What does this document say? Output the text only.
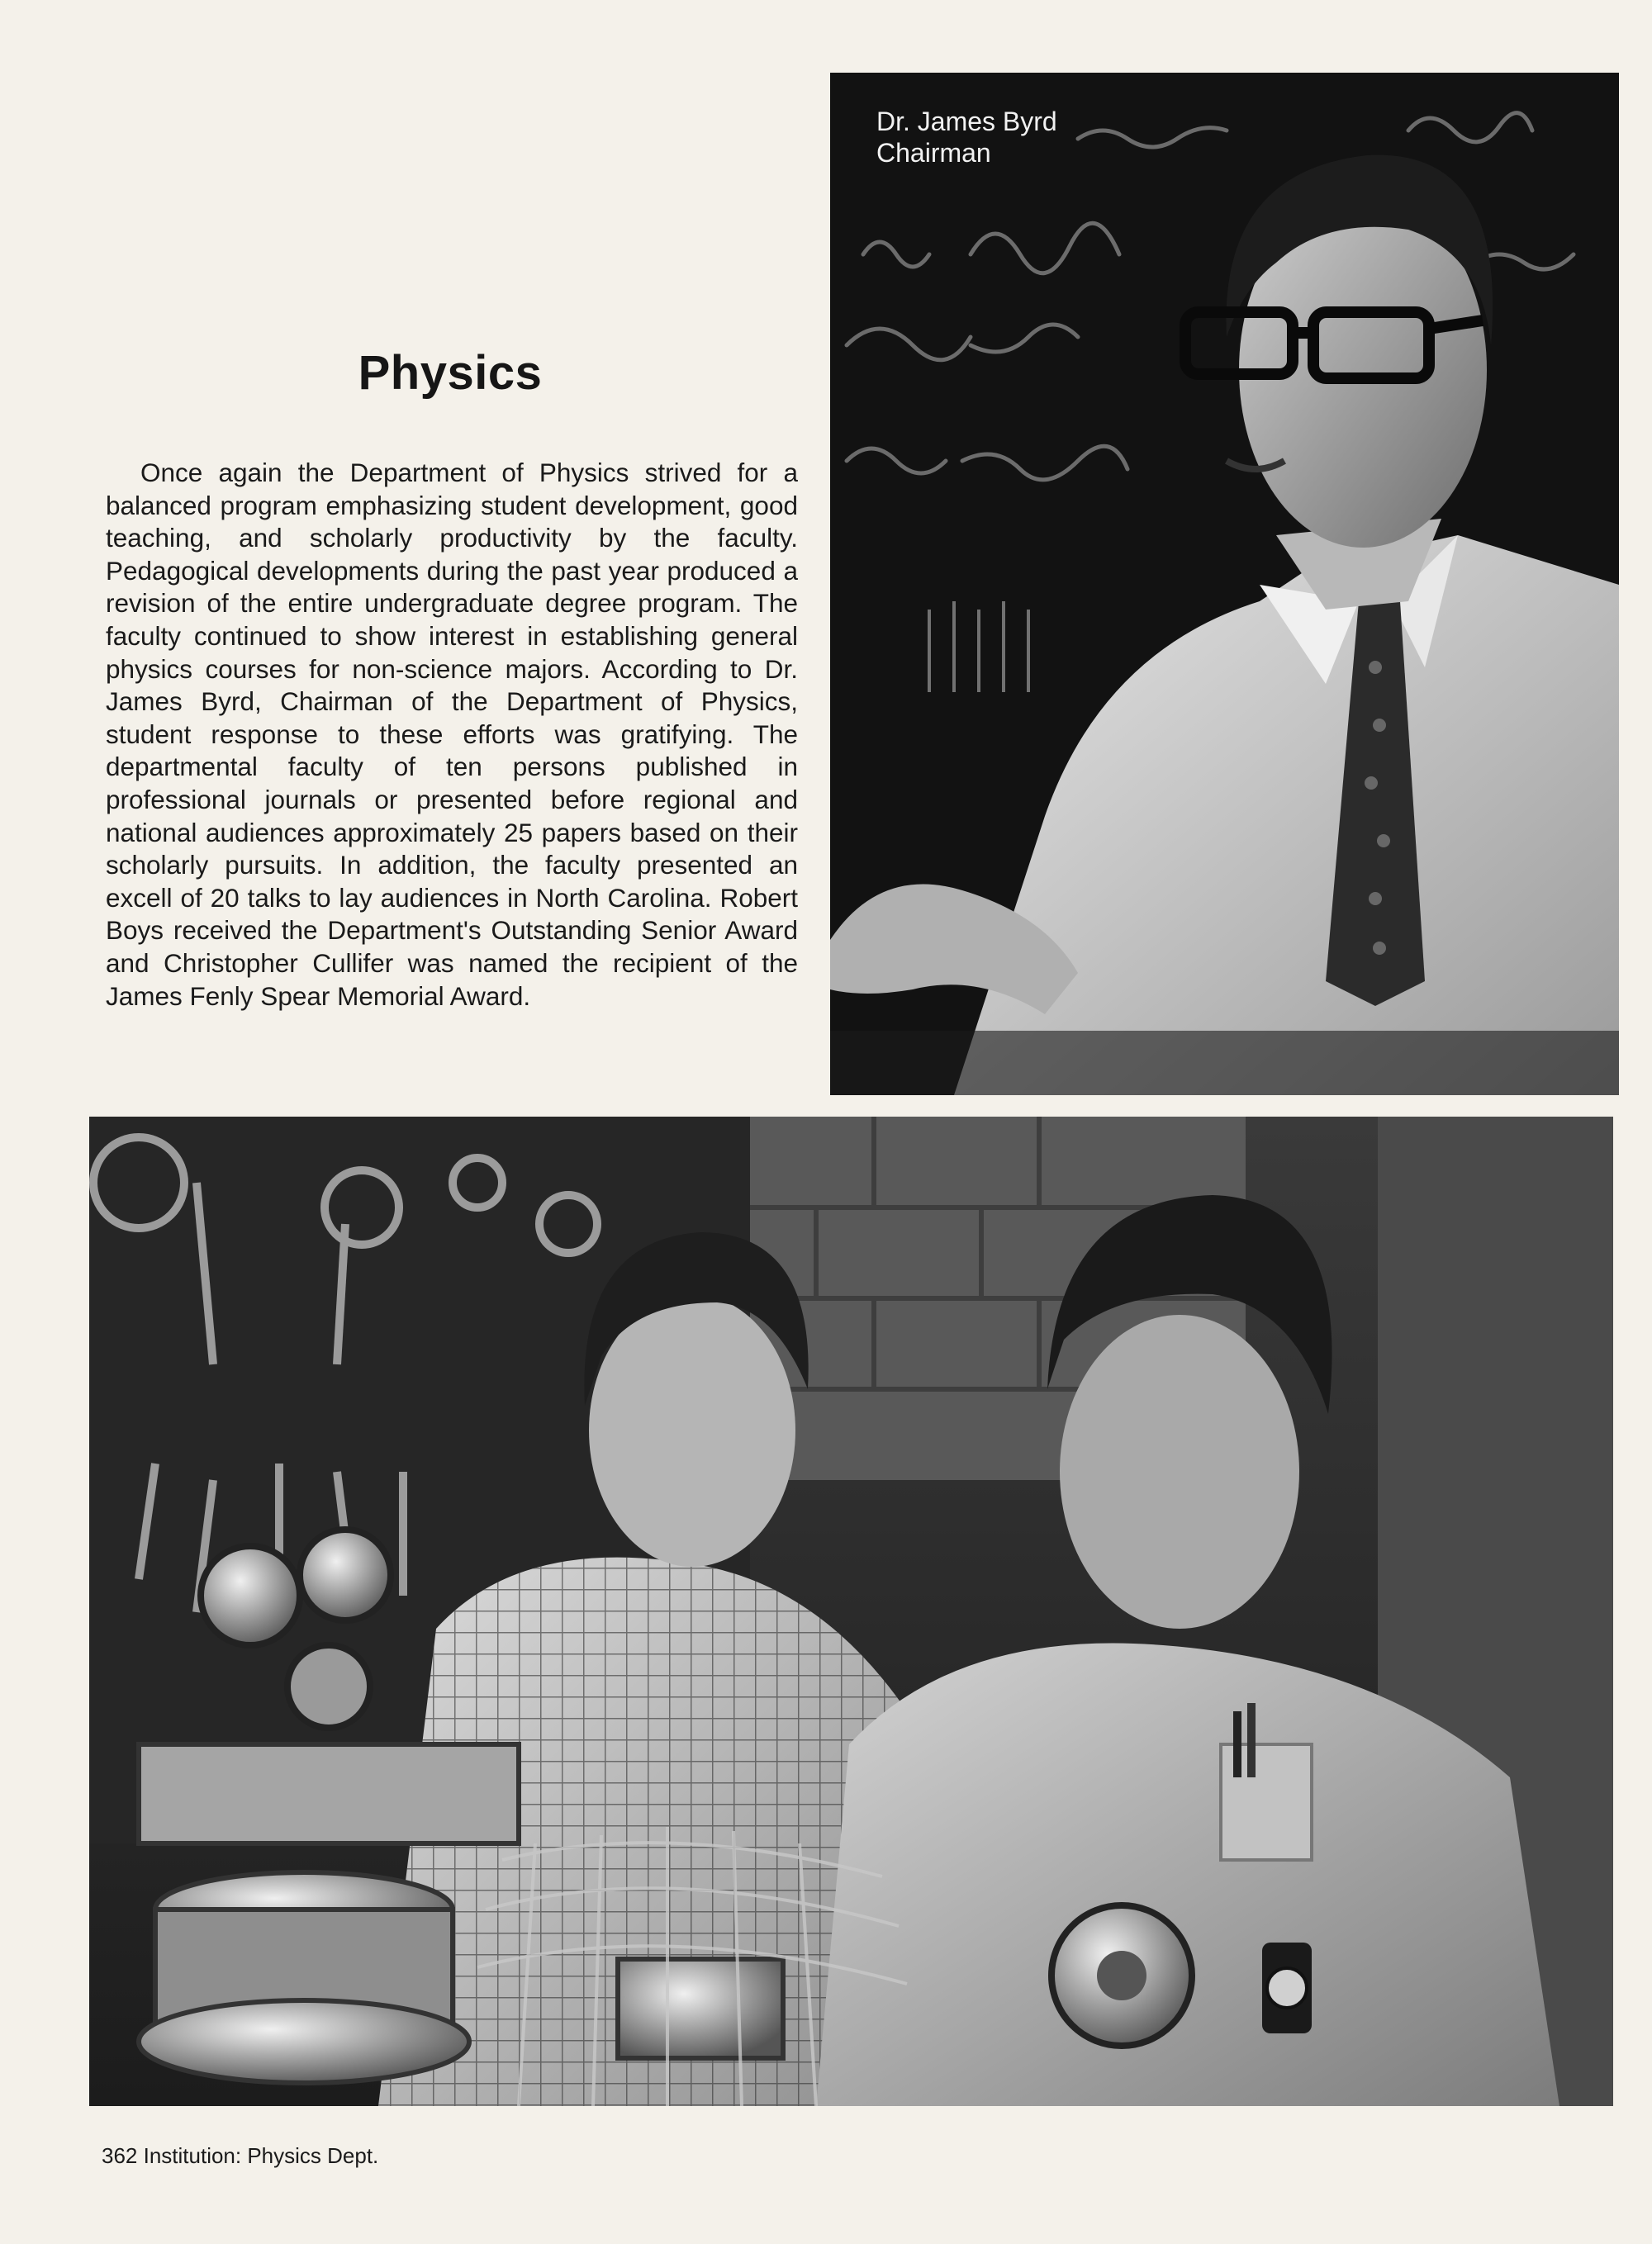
Physics

Once again the Department of Physics strived for a balanced program emphasizing student development, good teaching, and scholarly productivity by the faculty. Pedagogical developments during the past year produced a revision of the entire undergraduate degree program. The faculty continued to show interest in establishing general physics courses for non-science majors. According to Dr. James Byrd, Chairman of the Department of Physics, student response to these efforts was gratifying. The departmental faculty of ten persons published in professional journals or presented before regional and national audiences approximately 25 papers based on their scholarly pursuits. In addition, the faculty presented an excell of 20 talks to lay audiences in North Carolina. Robert Boys received the Department's Outstanding Senior Award and Christopher Cullifer was named the recipient of the James Fenly Spear Memorial Award.

Dr. James Byrd
Chairman
362 Institution: Physics Dept.
